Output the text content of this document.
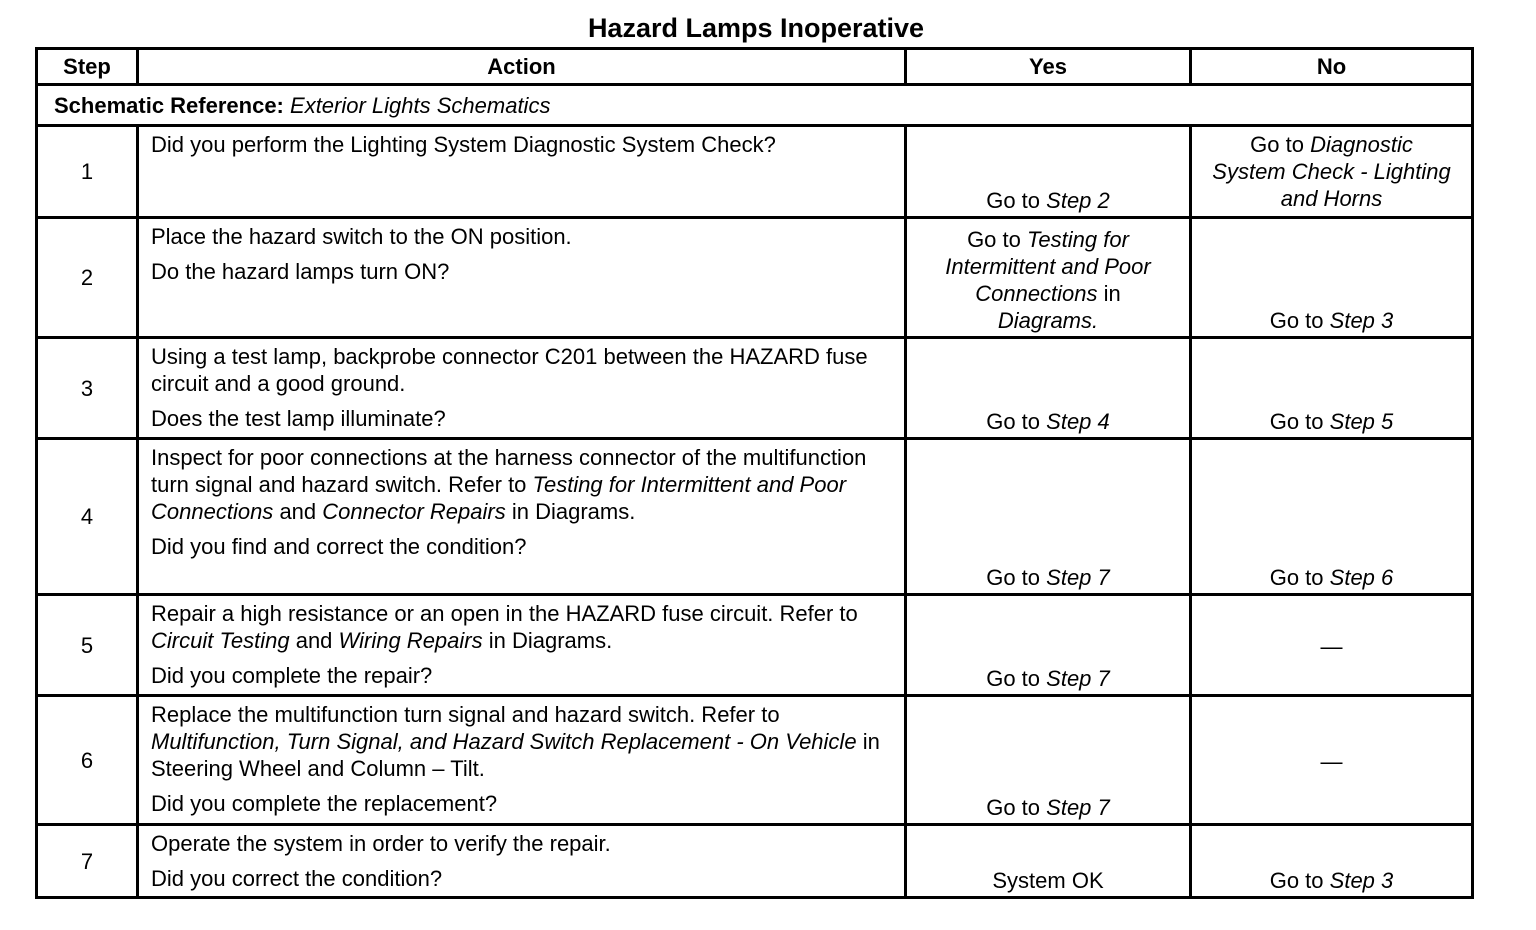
Hazard Lamps Inoperative
Step	Action	Yes	No
Schematic Reference: Exterior Lights Schematics			
1	Did you perform the Lighting System Diagnostic System Check?	Go to Step 2	Go to Diagnostic System Check - Lighting and Horns
2	Place the hazard switch to the ON position.

Do the hazard lamps turn ON?	Go to Testing for Intermittent and Poor Connections in Diagrams.	Go to Step 3
3	Using a test lamp, backprobe connector C201 between the HAZARD fuse circuit and a good ground.

Does the test lamp illuminate?	Go to Step 4	Go to Step 5
4	Inspect for poor connections at the harness connector of the multifunction turn signal and hazard switch. Refer to Testing for Intermittent and Poor Connections and Connector Repairs in Diagrams.

Did you find and correct the condition?	Go to Step 7	Go to Step 6
5	Repair a high resistance or an open in the HAZARD fuse circuit. Refer to Circuit Testing and Wiring Repairs in Diagrams.

Did you complete the repair?	Go to Step 7	—
6	Replace the multifunction turn signal and hazard switch. Refer to Multifunction, Turn Signal, and Hazard Switch Replacement - On Vehicle in Steering Wheel and Column – Tilt.

Did you complete the replacement?	Go to Step 7	—
7	Operate the system in order to verify the repair.

Did you correct the condition?	System OK	Go to Step 3
